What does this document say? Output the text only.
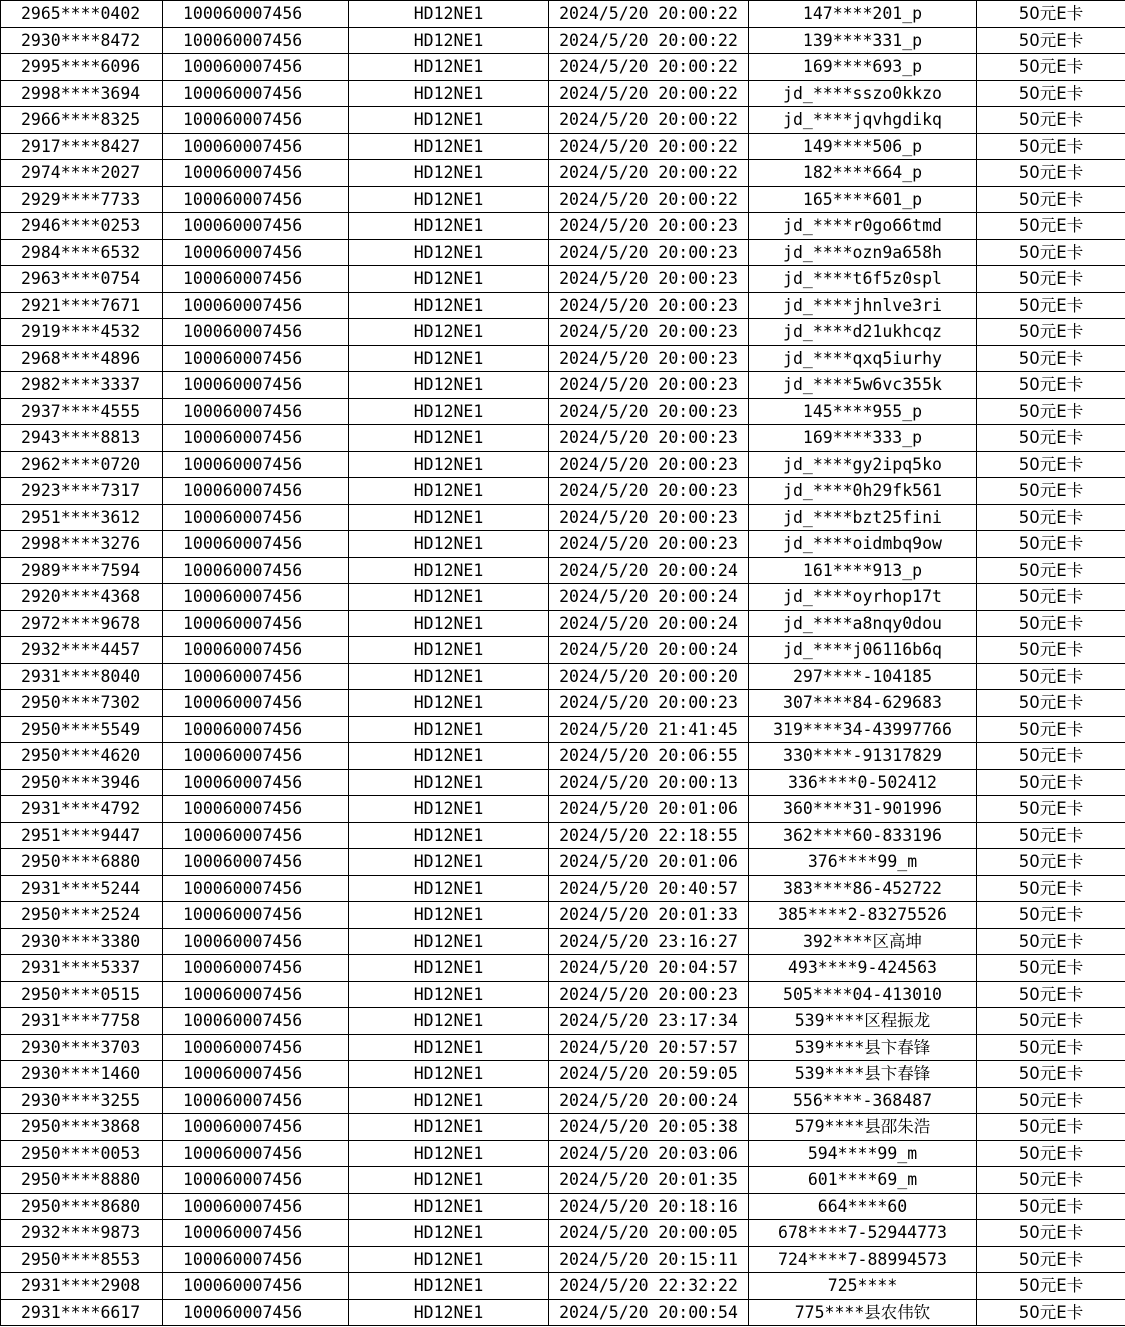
2965****0402	100060007456	HD12NE1	2024/5/20 20:00:22	147****201_p	50元E卡
2930****8472	100060007456	HD12NE1	2024/5/20 20:00:22	139****331_p	50元E卡
2995****6096	100060007456	HD12NE1	2024/5/20 20:00:22	169****693_p	50元E卡
2998****3694	100060007456	HD12NE1	2024/5/20 20:00:22	jd_****sszo0kkzo	50元E卡
2966****8325	100060007456	HD12NE1	2024/5/20 20:00:22	jd_****jqvhgdikq	50元E卡
2917****8427	100060007456	HD12NE1	2024/5/20 20:00:22	149****506_p	50元E卡
2974****2027	100060007456	HD12NE1	2024/5/20 20:00:22	182****664_p	50元E卡
2929****7733	100060007456	HD12NE1	2024/5/20 20:00:22	165****601_p	50元E卡
2946****0253	100060007456	HD12NE1	2024/5/20 20:00:23	jd_****r0go66tmd	50元E卡
2984****6532	100060007456	HD12NE1	2024/5/20 20:00:23	jd_****ozn9a658h	50元E卡
2963****0754	100060007456	HD12NE1	2024/5/20 20:00:23	jd_****t6f5z0spl	50元E卡
2921****7671	100060007456	HD12NE1	2024/5/20 20:00:23	jd_****jhnlve3ri	50元E卡
2919****4532	100060007456	HD12NE1	2024/5/20 20:00:23	jd_****d21ukhcqz	50元E卡
2968****4896	100060007456	HD12NE1	2024/5/20 20:00:23	jd_****qxq5iurhy	50元E卡
2982****3337	100060007456	HD12NE1	2024/5/20 20:00:23	jd_****5w6vc355k	50元E卡
2937****4555	100060007456	HD12NE1	2024/5/20 20:00:23	145****955_p	50元E卡
2943****8813	100060007456	HD12NE1	2024/5/20 20:00:23	169****333_p	50元E卡
2962****0720	100060007456	HD12NE1	2024/5/20 20:00:23	jd_****gy2ipq5ko	50元E卡
2923****7317	100060007456	HD12NE1	2024/5/20 20:00:23	jd_****0h29fk561	50元E卡
2951****3612	100060007456	HD12NE1	2024/5/20 20:00:23	jd_****bzt25fini	50元E卡
2998****3276	100060007456	HD12NE1	2024/5/20 20:00:23	jd_****oidmbq9ow	50元E卡
2989****7594	100060007456	HD12NE1	2024/5/20 20:00:24	161****913_p	50元E卡
2920****4368	100060007456	HD12NE1	2024/5/20 20:00:24	jd_****oyrhop17t	50元E卡
2972****9678	100060007456	HD12NE1	2024/5/20 20:00:24	jd_****a8nqy0dou	50元E卡
2932****4457	100060007456	HD12NE1	2024/5/20 20:00:24	jd_****j06116b6q	50元E卡
2931****8040	100060007456	HD12NE1	2024/5/20 20:00:20	297****-104185	50元E卡
2950****7302	100060007456	HD12NE1	2024/5/20 20:00:23	307****84-629683	50元E卡
2950****5549	100060007456	HD12NE1	2024/5/20 21:41:45	319****34-43997766	50元E卡
2950****4620	100060007456	HD12NE1	2024/5/20 20:06:55	330****-91317829	50元E卡
2950****3946	100060007456	HD12NE1	2024/5/20 20:00:13	336****0-502412	50元E卡
2931****4792	100060007456	HD12NE1	2024/5/20 20:01:06	360****31-901996	50元E卡
2951****9447	100060007456	HD12NE1	2024/5/20 22:18:55	362****60-833196	50元E卡
2950****6880	100060007456	HD12NE1	2024/5/20 20:01:06	376****99_m	50元E卡
2931****5244	100060007456	HD12NE1	2024/5/20 20:40:57	383****86-452722	50元E卡
2950****2524	100060007456	HD12NE1	2024/5/20 20:01:33	385****2-83275526	50元E卡
2930****3380	100060007456	HD12NE1	2024/5/20 23:16:27	392****区高坤	50元E卡
2931****5337	100060007456	HD12NE1	2024/5/20 20:04:57	493****9-424563	50元E卡
2950****0515	100060007456	HD12NE1	2024/5/20 20:00:23	505****04-413010	50元E卡
2931****7758	100060007456	HD12NE1	2024/5/20 23:17:34	539****区程振龙	50元E卡
2930****3703	100060007456	HD12NE1	2024/5/20 20:57:57	539****县卞春锋	50元E卡
2930****1460	100060007456	HD12NE1	2024/5/20 20:59:05	539****县卞春锋	50元E卡
2930****3255	100060007456	HD12NE1	2024/5/20 20:00:24	556****-368487	50元E卡
2950****3868	100060007456	HD12NE1	2024/5/20 20:05:38	579****县邵朱浩	50元E卡
2950****0053	100060007456	HD12NE1	2024/5/20 20:03:06	594****99_m	50元E卡
2950****8880	100060007456	HD12NE1	2024/5/20 20:01:35	601****69_m	50元E卡
2950****8680	100060007456	HD12NE1	2024/5/20 20:18:16	664****60	50元E卡
2932****9873	100060007456	HD12NE1	2024/5/20 20:00:05	678****7-52944773	50元E卡
2950****8553	100060007456	HD12NE1	2024/5/20 20:15:11	724****7-88994573	50元E卡
2931****2908	100060007456	HD12NE1	2024/5/20 22:32:22	725****	50元E卡
2931****6617	100060007456	HD12NE1	2024/5/20 20:00:54	775****县农伟钦	50元E卡
